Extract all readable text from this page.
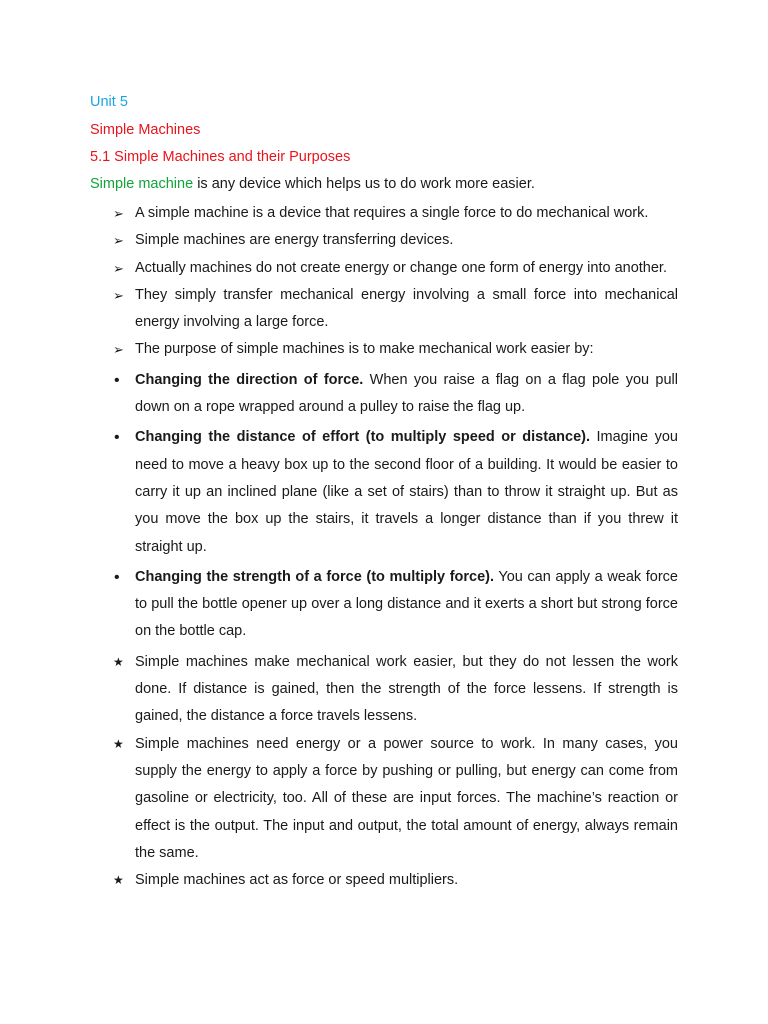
Unit 5
Simple Machines
5.1 Simple Machines and their Purposes
Simple machine is any device which helps us to do work more easier.
➢ A simple machine is a device that requires a single force to do mechanical work.
➢ Simple machines are energy transferring devices.
➢ Actually machines do not create energy or change one form of energy into another.
➢ They simply transfer mechanical energy involving a small force into mechanical energy involving a large force.
➢ The purpose of simple machines is to make mechanical work easier by:
•	Changing the direction of force. When you raise a flag on a flag pole you pull down on a rope wrapped around a pulley to raise the flag up.
•	Changing the distance of effort (to multiply speed or distance). Imagine you need to move a heavy box up to the second floor of a building. It would be easier to carry it up an inclined plane (like a set of stairs) than to throw it straight up. But as you move the box up the stairs, it travels a longer distance than if you threw it straight up.
•	Changing the strength of a force (to multiply force). You can apply a weak force to pull the bottle opener up over a long distance and it exerts a short but strong force on the bottle cap.
★ Simple machines make mechanical work easier, but they do not lessen the work done. If distance is gained, then the strength of the force lessens. If strength is gained, the distance a force travels lessens.
★ Simple machines need energy or a power source to work. In many cases, you supply the energy to apply a force by pushing or pulling, but energy can come from gasoline or electricity, too. All of these are input forces. The machine’s reaction or effect is the output. The input and output, the total amount of energy, always remain the same.
★ Simple machines act as force or speed multipliers.
